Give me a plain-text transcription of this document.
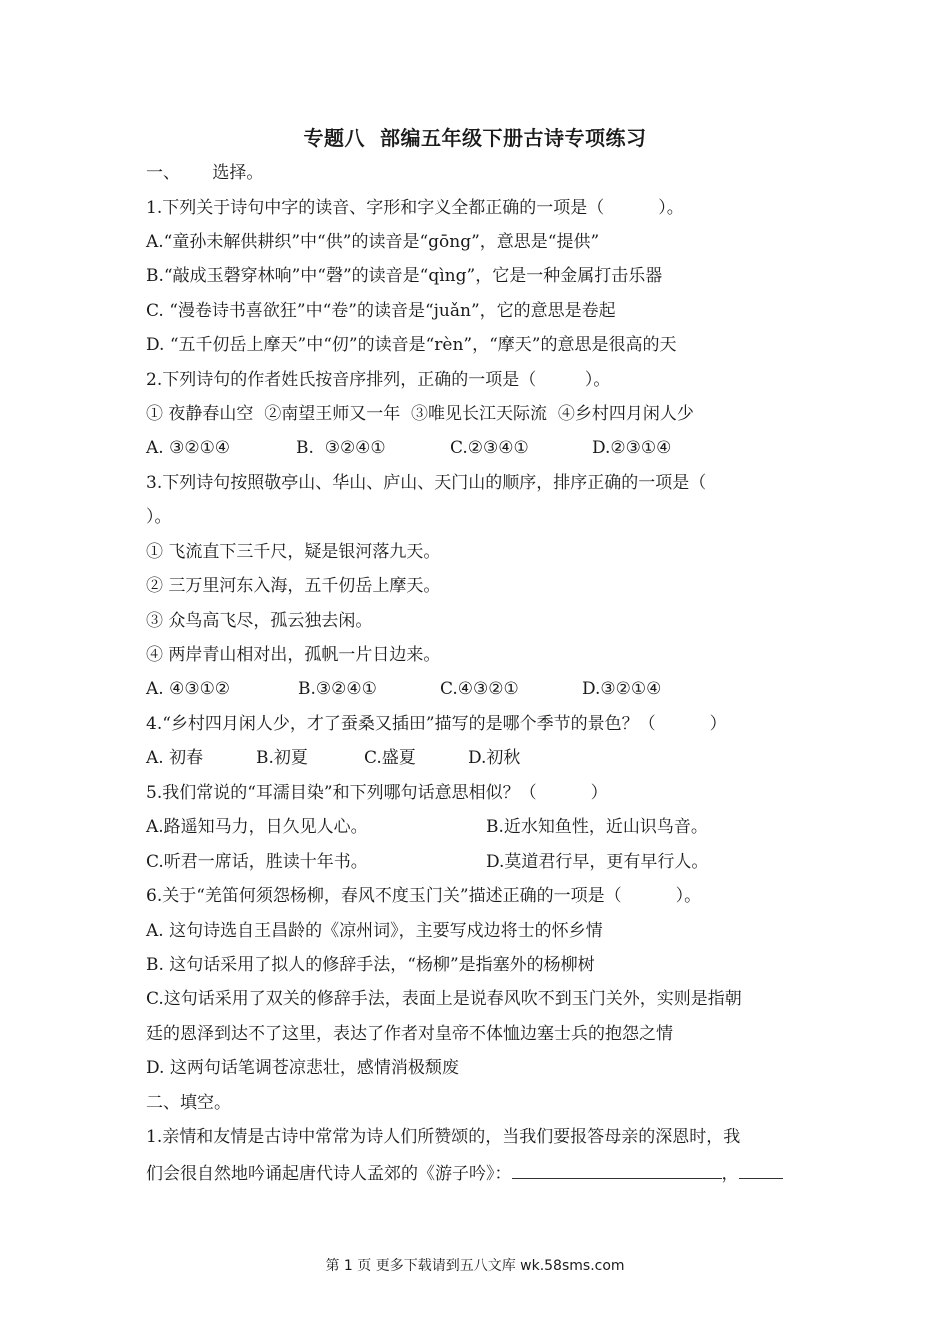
专题八  部编五年级下册古诗专项练习
一、      选择。
1.下列关于诗句中字的读音、字形和字义全都正确的一项是（          ）。
A.“童孙未解供耕织”中“供”的读音是“gōng”，意思是“提供”
B.“敲成玉磬穿林响”中“磬”的读音是“qìng”，它是一种金属打击乐器
C. “漫卷诗书喜欲狂”中“卷”的读音是“juǎn”，它的意思是卷起
D. “五千仞岳上摩天”中“仞”的读音是“rèn”，“摩天”的意思是很高的天
2.下列诗句的作者姓氏按音序排列，正确的一项是（         ）。
① 夜静春山空  ②南望王师又一年  ③唯见长江天际流  ④乡村四月闲人少
A. ③②①④	B.  ③②④①	C.②③④①	D.②③①④
3.下列诗句按照敬亭山、华山、庐山、天门山的顺序，排序正确的一项是（
）。
① 飞流直下三千尺，疑是银河落九天。
② 三万里河东入海，五千仞岳上摩天。
③ 众鸟高飞尽，孤云独去闲。
④ 两岸青山相对出，孤帆一片日边来。
A. ④③①②	B.③②④①	C.④③②①	D.③②①④
4.“乡村四月闲人少，才了蚕桑又插田”描写的是哪个季节的景色？（          ）
A. 初春	B.初夏	C.盛夏	D.初秋
5.我们常说的“耳濡目染”和下列哪句话意思相似？（          ）
A.路遥知马力，日久见人心。	B.近水知鱼性，近山识鸟音。
C.听君一席话，胜读十年书。	D.莫道君行早，更有早行人。
6.关于“羌笛何须怨杨柳，春风不度玉门关”描述正确的一项是（          ）。
A. 这句诗选自王昌龄的《凉州词》，主要写戍边将士的怀乡情
B. 这句话采用了拟人的修辞手法，“杨柳”是指塞外的杨柳树
C.这句话采用了双关的修辞手法，表面上是说春风吹不到玉门关外，实则是指朝
廷的恩泽到达不了这里，表达了作者对皇帝不体恤边塞士兵的抱怨之情
D. 这两句话笔调苍凉悲壮，感情消极颓废
二、填空。
1.亲情和友情是古诗中常常为诗人们所赞颂的，当我们要报答母亲的深恩时，我
们会很自然地吟诵起唐代诗人孟郊的《游子吟》：	，
第 1 页 更多下载请到五八文库 wk.58sms.com
